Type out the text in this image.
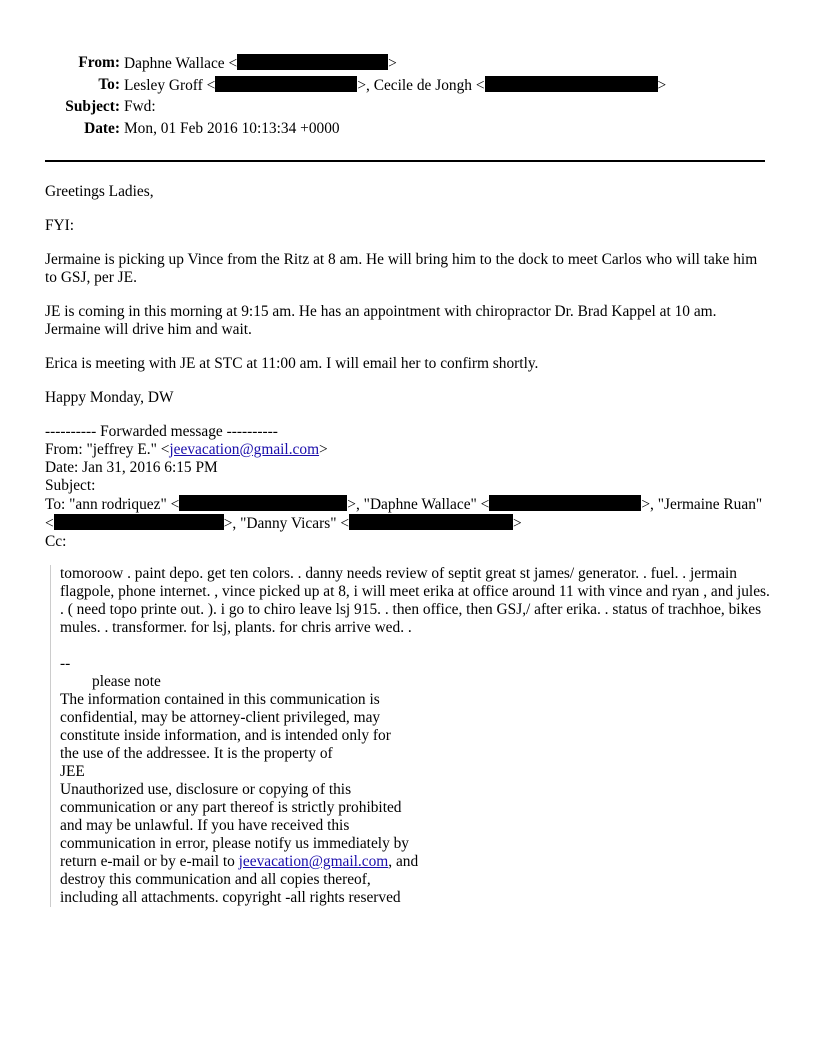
From: Daphne Wallace <	>
To: Lesley Groff <	>, Cecile de Jongh <	>
Subject: Fwd:
Date: Mon, 01 Feb 2016 10:13:34 +0000

Greetings Ladies,

FYI:

Jermaine is picking up Vince from the Ritz at 8 am. He will bring him to the dock to meet Carlos who will take him to GSJ, per JE.

JE is coming in this morning at 9:15 am. He has an appointment with chiropractor Dr. Brad Kappel at 10 am. Jermaine will drive him and wait.

Erica is meeting with JE at STC at 11:00 am. I will email her to confirm shortly.

Happy Monday, DW

---------- Forwarded message ----------
From: "jeffrey E." <jeevacation@gmail.com>
Date: Jan 31, 2016 6:15 PM
Subject:
To: "ann rodriquez" <	>, "Daphne Wallace" <	>, "Jermaine Ruan" <	>, "Danny Vicars" <	>
Cc:

tomoroow . paint depo. get ten colors. . danny needs review of septit great st james/ generator. . fuel. . jermain flagpole, phone internet. , vince picked up at 8, i will meet erika at office around 11 with vince and ryan , and jules. . ( need topo printe out. ). i go to chiro leave lsj 915. . then office, then GSJ,/ after erika. . status of trachhoe, bikes mules. . transformer. for lsj, plants. for chris arrive wed. .

--
please note
The information contained in this communication is
confidential, may be attorney-client privileged, may
constitute inside information, and is intended only for
the use of the addressee. It is the property of
JEE
Unauthorized use, disclosure or copying of this
communication or any part thereof is strictly prohibited
and may be unlawful. If you have received this
communication in error, please notify us immediately by
return e-mail or by e-mail to jeevacation@gmail.com, and
destroy this communication and all copies thereof,
including all attachments. copyright -all rights reserved
